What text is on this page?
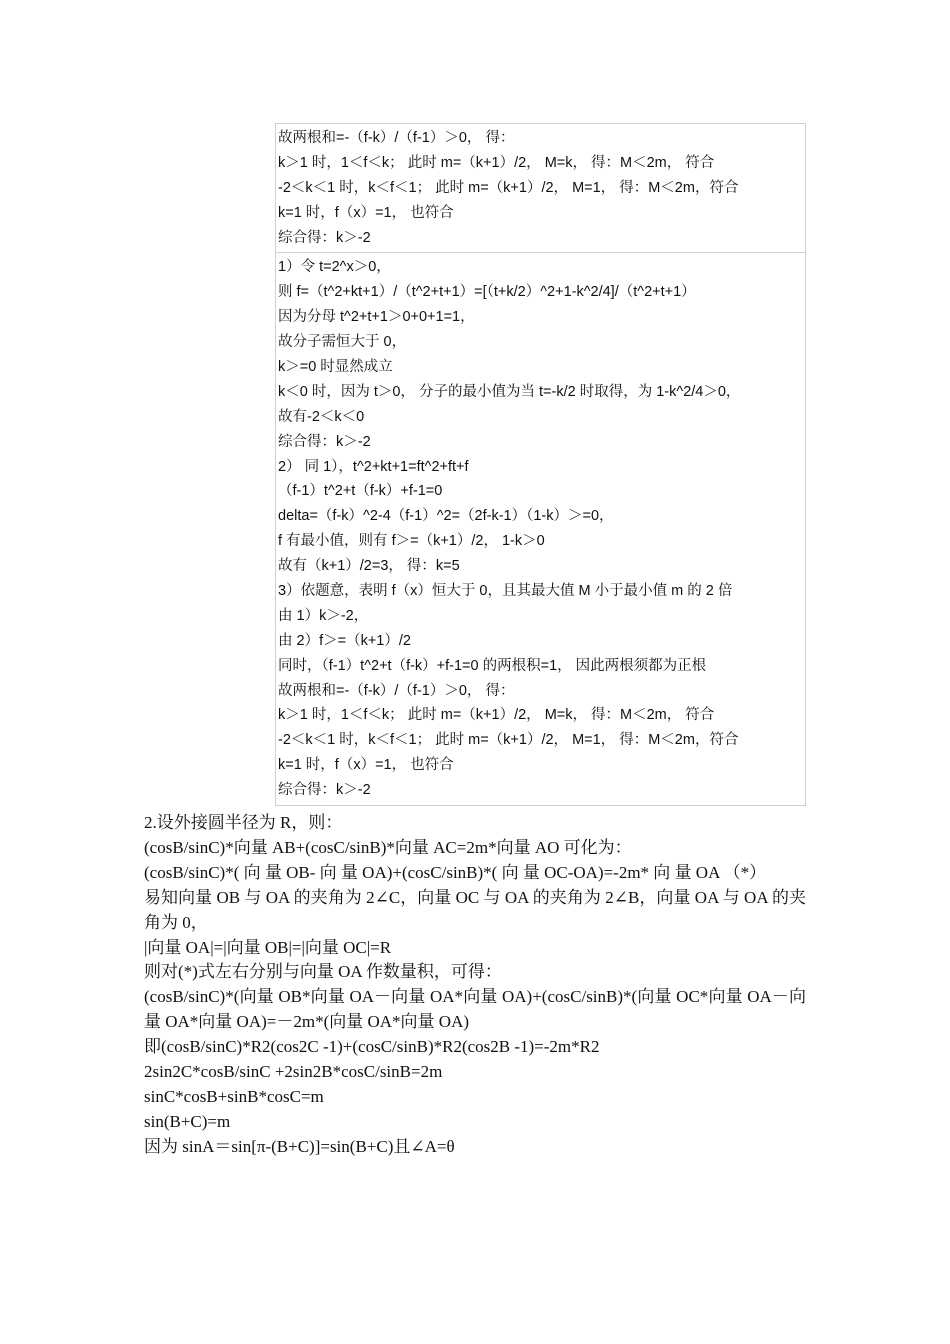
故两根和=-（f-k）/（f-1）＞0， 得：
k＞1 时，1＜f＜k； 此时 m=（k+1）/2， M=k， 得：M＜2m， 符合
-2＜k＜1 时，k＜f＜1； 此时 m=（k+1）/2， M=1， 得：M＜2m，符合
k=1 时，f（x）=1， 也符合
综合得：k＞-2
1）令 t=2^x＞0，
则 f=（t^2+kt+1）/（t^2+t+1）=[（t+k/2）^2+1-k^2/4]/（t^2+t+1）
因为分母 t^2+t+1＞0+0+1=1，
故分子需恒大于 0，
k＞=0 时显然成立
k＜0 时，因为 t＞0， 分子的最小值为当 t=-k/2 时取得，为 1-k^2/4＞0，
故有-2＜k＜0
综合得：k＞-2
2） 同 1），t^2+kt+1=ft^2+ft+f
（f-1）t^2+t（f-k）+f-1=0
delta=（f-k）^2-4（f-1）^2=（2f-k-1）（1-k）＞=0，
f 有最小值，则有 f＞=（k+1）/2， 1-k＞0
故有（k+1）/2=3， 得：k=5
3）依题意，表明 f（x）恒大于 0，且其最大值 M 小于最小值 m 的 2 倍
由 1）k＞-2，
由 2）f＞=（k+1）/2
同时，（f-1）t^2+t（f-k）+f-1=0 的两根积=1， 因此两根须都为正根
故两根和=-（f-k）/（f-1）＞0， 得：
k＞1 时，1＜f＜k； 此时 m=（k+1）/2， M=k， 得：M＜2m， 符合
-2＜k＜1 时，k＜f＜1； 此时 m=（k+1）/2， M=1， 得：M＜2m，符合
k=1 时，f（x）=1， 也符合
综合得：k＞-2
2.设外接圆半径为 R，则：
(cosB/sinC)*向量 AB+(cosC/sinB)*向量 AC=2m*向量 AO 可化为：
(cosB/sinC)*( 向 量 OB- 向 量 OA)+(cosC/sinB)*( 向 量 OC-OA)=-2m* 向 量 OA （*）
易知向量 OB 与 OA 的夹角为 2∠C，向量 OC 与 OA 的夹角为 2∠B，向量 OA 与 OA 的夹角为 0，
|向量 OA|=|向量 OB|=|向量 OC|=R
则对(*)式左右分别与向量 OA 作数量积，可得：
(cosB/sinC)*(向量 OB*向量 OA－向量 OA*向量 OA)+(cosC/sinB)*(向量 OC*向量 OA－向量 OA*向量 OA)=－2m*(向量 OA*向量 OA)
即(cosB/sinC)*R2(cos2C -1)+(cosC/sinB)*R2(cos2B -1)=-2m*R2
2sin2C*cosB/sinC +2sin2B*cosC/sinB=2m
sinC*cosB+sinB*cosC=m
sin(B+C)=m
因为 sinA＝sin[π-(B+C)]=sin(B+C)且∠A=θ
